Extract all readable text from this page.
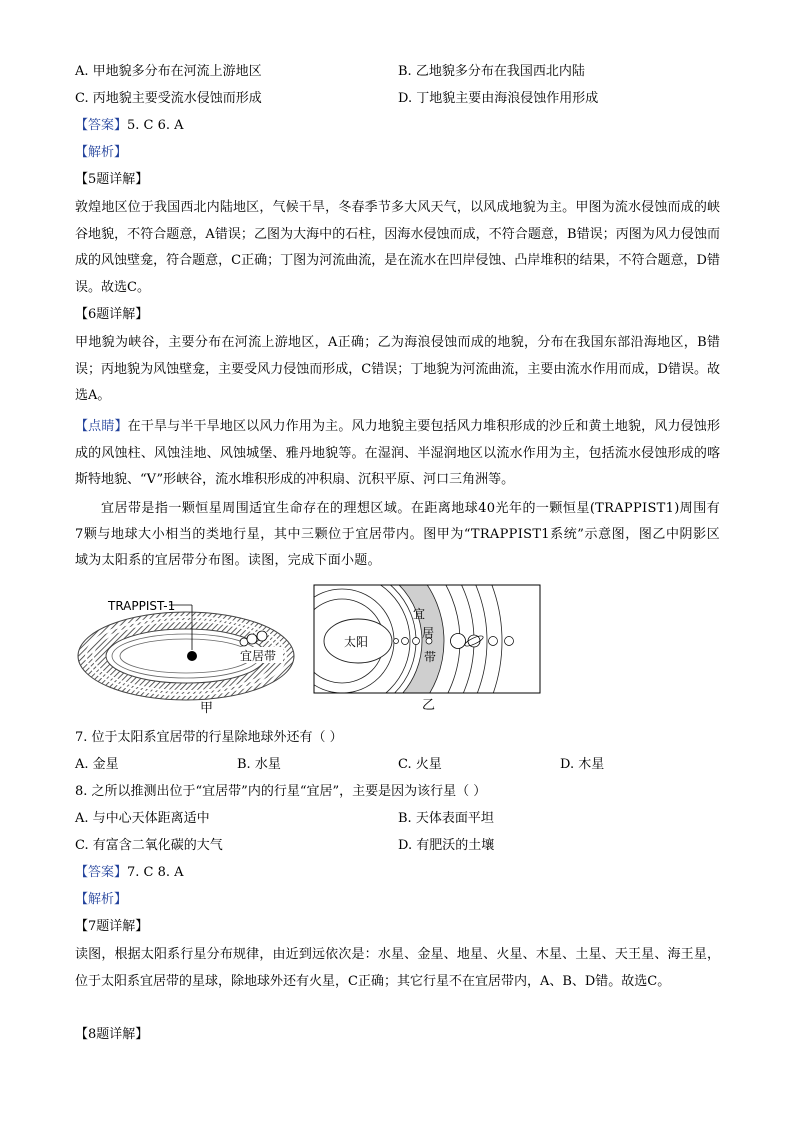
A. 甲地貌多分布在河流上游地区	B. 乙地貌多分布在我国西北内陆
C. 丙地貌主要受流水侵蚀而形成	D. 丁地貌主要由海浪侵蚀作用形成
【答案】5. C 6. A
【解析】
【5题详解】
敦煌地区位于我国西北内陆地区，气候干旱，冬春季节多大风天气，以风成地貌为主。甲图为流水侵蚀而成的峡谷地貌，不符合题意，A错误；乙图为大海中的石柱，因海水侵蚀而成，不符合题意，B错误；丙图为风力侵蚀而成的风蚀壁龛，符合题意，C正确；丁图为河流曲流，是在流水在凹岸侵蚀、凸岸堆积的结果，不符合题意，D错误。故选C。
【6题详解】
甲地貌为峡谷，主要分布在河流上游地区，A正确；乙为海浪侵蚀而成的地貌，分布在我国东部沿海地区，B错误；丙地貌为风蚀壁龛，主要受风力侵蚀而形成，C错误；丁地貌为河流曲流，主要由流水作用而成，D错误。故选A。
【点睛】在干旱与半干旱地区以风力作用为主。风力地貌主要包括风力堆积形成的沙丘和黄土地貌，风力侵蚀形成的风蚀柱、风蚀洼地、风蚀城堡、雅丹地貌等。在湿润、半湿润地区以流水作用为主，包括流水侵蚀形成的喀斯特地貌、“V”形峡谷，流水堆积形成的冲积扇、沉积平原、河口三角洲等。
宜居带是指一颗恒星周围适宜生命存在的理想区域。在距离地球40光年的一颗恒星(TRAPPIST1)周围有7颗与地球大小相当的类地行星，其中三颗位于宜居带内。图甲为“TRAPPIST1系统”示意图，图乙中阴影区域为太阳系的宜居带分布图。读图，完成下面小题。
TRAPPIST-1
宜居带
甲
太阳
宜
居
带
乙
7. 位于太阳系宜居带的行星除地球外还有（ ）
A. 金星	B. 水星	C. 火星	D. 木星
8. 之所以推测出位于“宜居带”内的行星“宜居”，主要是因为该行星（ ）
A. 与中心天体距离适中	B. 天体表面平坦
C. 有富含二氧化碳的大气	D. 有肥沃的土壤
【答案】7. C 8. A
【解析】
【7题详解】
读图，根据太阳系行星分布规律，由近到远依次是：水星、金星、地星、火星、木星、土星、天王星、海王星，位于太阳系宜居带的星球，除地球外还有火星，C正确；其它行星不在宜居带内，A、B、D错。故选C。
【8题详解】
